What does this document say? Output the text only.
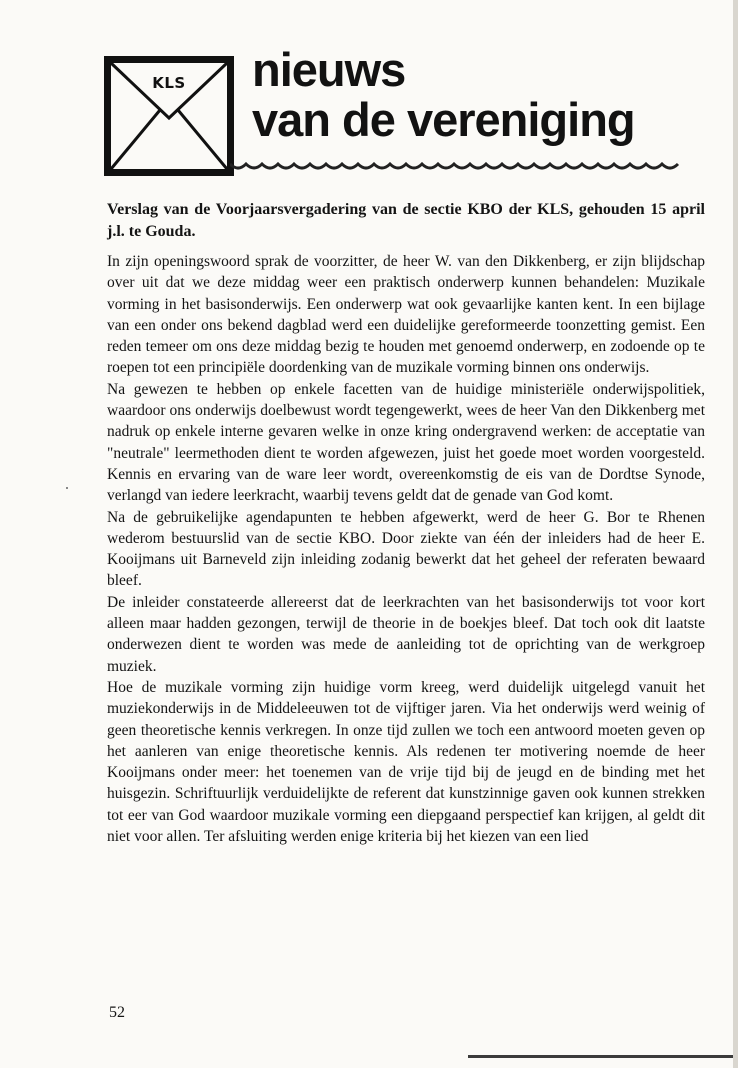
KLS nieuws
van de vereniging
Verslag van de Voorjaarsvergadering van de sectie KBO der KLS, gehouden 15 april j.l. te Gouda.

In zijn openingswoord sprak de voorzitter, de heer W. van den Dikkenberg, er zijn blijdschap over uit dat we deze middag weer een praktisch onderwerp kunnen behandelen: Muzikale vorming in het basisonderwijs. Een onderwerp wat ook gevaarlijke kanten kent. In een bijlage van een onder ons bekend dagblad werd een duidelijke gereformeerde toonzetting gemist. Een reden temeer om ons deze middag bezig te houden met genoemd onderwerp, en zodoende op te roepen tot een principiële doordenking van de muzikale vorming binnen ons onderwijs.

Na gewezen te hebben op enkele facetten van de huidige ministeriële onderwijspolitiek, waardoor ons onderwijs doelbewust wordt tegengewerkt, wees de heer Van den Dikkenberg met nadruk op enkele interne gevaren welke in onze kring ondergravend werken: de acceptatie van "neutrale" leermethoden dient te worden afgewezen, juist het goede moet worden voorgesteld. Kennis en ervaring van de ware leer wordt, overeenkomstig de eis van de Dordtse Synode, verlangd van iedere leerkracht, waarbij tevens geldt dat de genade van God komt.

Na de gebruikelijke agendapunten te hebben afgewerkt, werd de heer G. Bor te Rhenen wederom bestuurslid van de sectie KBO. Door ziekte van één der inleiders had de heer E. Kooijmans uit Barneveld zijn inleiding zodanig bewerkt dat het geheel der referaten bewaard bleef.

De inleider constateerde allereerst dat de leerkrachten van het basisonderwijs tot voor kort alleen maar hadden gezongen, terwijl de theorie in de boekjes bleef. Dat toch ook dit laatste onderwezen dient te worden was mede de aanleiding tot de oprichting van de werkgroep muziek.

Hoe de muzikale vorming zijn huidige vorm kreeg, werd duidelijk uitgelegd vanuit het muziekonderwijs in de Middeleeuwen tot de vijftiger jaren. Via het onderwijs werd weinig of geen theoretische kennis verkregen. In onze tijd zullen we toch een antwoord moeten geven op het aanleren van enige theoretische kennis. Als redenen ter motivering noemde de heer Kooijmans onder meer: het toenemen van de vrije tijd bij de jeugd en de binding met het huisgezin. Schriftuurlijk verduidelijkte de referent dat kunstzinnige gaven ook kunnen strekken tot eer van God waardoor muzikale vorming een diepgaand perspectief kan krijgen, al geldt dit niet voor allen. Ter afsluiting werden enige kriteria bij het kiezen van een lied

52
